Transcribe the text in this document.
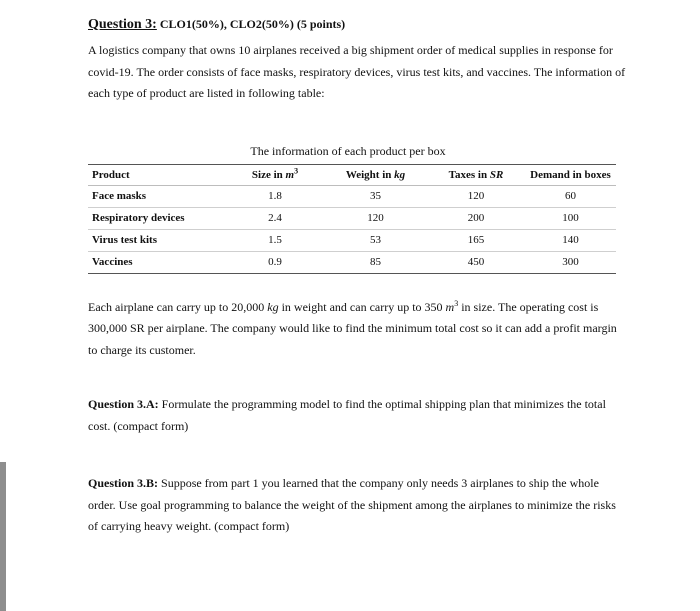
Question 3: CLO1(50%), CLO2(50%) (5 points)

A logistics company that owns 10 airplanes received a big shipment order of medical supplies in response for covid-19. The order consists of face masks, respiratory devices, virus test kits, and vaccines. The information of each type of product are listed in following table:

The information of each product per box
Product	Size in $m^3$	Weight in kg	Taxes in SR	Demand in boxes
Face masks	1.8	35	120	60
Respiratory devices	2.4	120	200	100
Virus test kits	1.5	53	165	140
Vaccines	0.9	85	450	300

Each airplane can carry up to 20,000 kg in weight and can carry up to 350 $m^3$ in size. The operating cost is 300,000 SR per airplane. The company would like to find the minimum total cost so it can add a profit margin to charge its customer.

Question 3.A: Formulate the programming model to find the optimal shipping plan that minimizes the total cost. (compact form)

Question 3.B: Suppose from part 1 you learned that the company only needs 3 airplanes to ship the whole order. Use goal programming to balance the weight of the shipment among the airplanes to minimize the risks of carrying heavy weight. (compact form)
